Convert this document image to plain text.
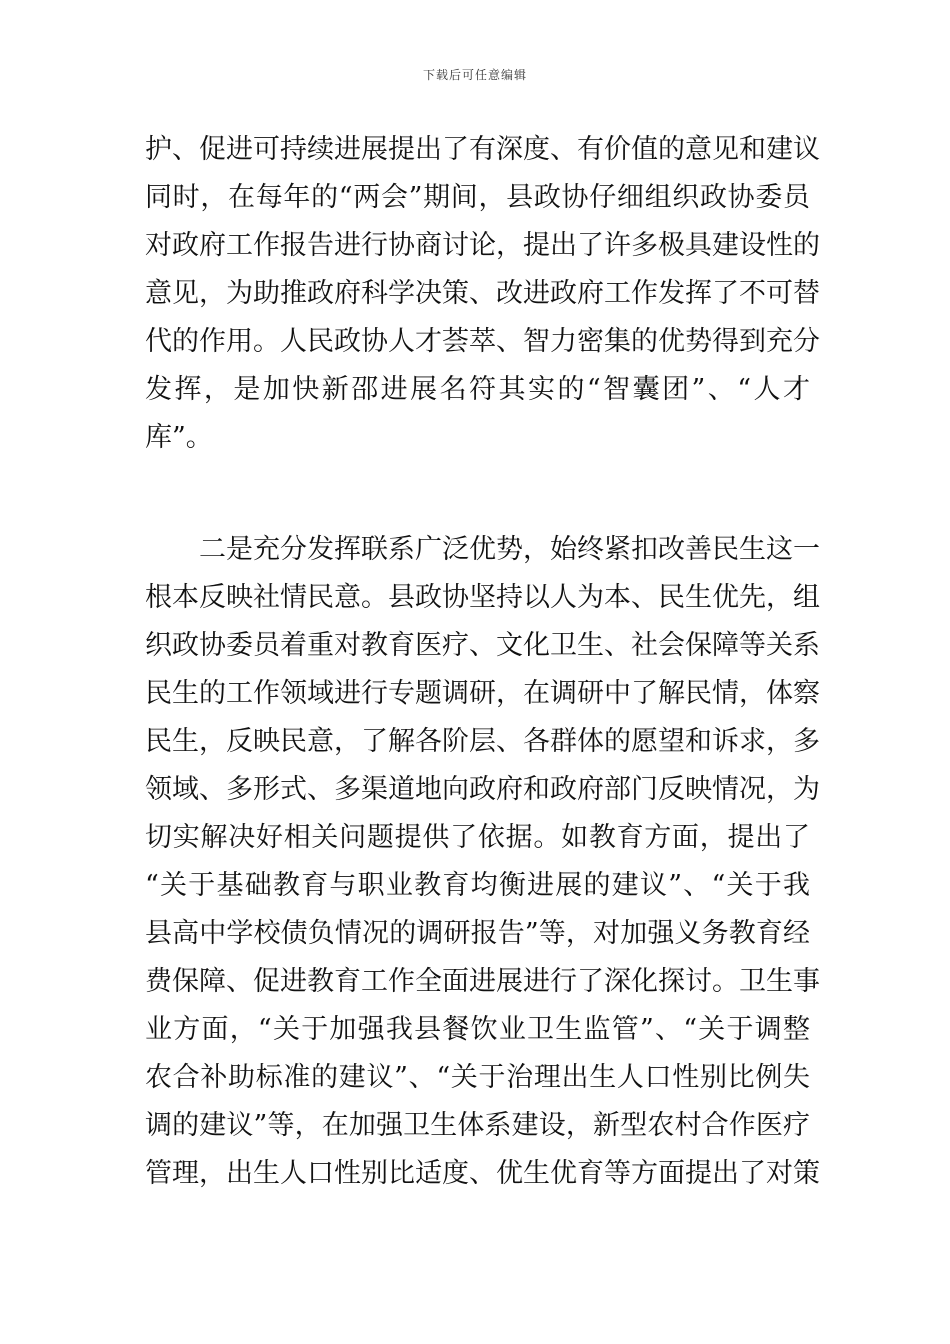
下载后可任意编辑
护、促进可持续进展提出了有深度、有价值的意见和建议
同时，在每年的“两会”期间，县政协仔细组织政协委员
对政府工作报告进行协商讨论，提出了许多极具建设性的
意见，为助推政府科学决策、改进政府工作发挥了不可替
代的作用。人民政协人才荟萃、智力密集的优势得到充分
发挥，是加快新邵进展名符其实的“智囊团”、“人才
库”。
二是充分发挥联系广泛优势，始终紧扣改善民生这一
根本反映社情民意。县政协坚持以人为本、民生优先，组
织政协委员着重对教育医疗、文化卫生、社会保障等关系
民生的工作领域进行专题调研，在调研中了解民情，体察
民生，反映民意，了解各阶层、各群体的愿望和诉求，多
领域、多形式、多渠道地向政府和政府部门反映情况，为
切实解决好相关问题提供了依据。如教育方面，提出了
“关于基础教育与职业教育均衡进展的建议”、“关于我
县高中学校债负情况的调研报告”等，对加强义务教育经
费保障、促进教育工作全面进展进行了深化探讨。卫生事
业方面，“关于加强我县餐饮业卫生监管”、“关于调整
农合补助标准的建议”、“关于治理出生人口性别比例失
调的建议”等，在加强卫生体系建设，新型农村合作医疗
管理，出生人口性别比适度、优生优育等方面提出了对策
